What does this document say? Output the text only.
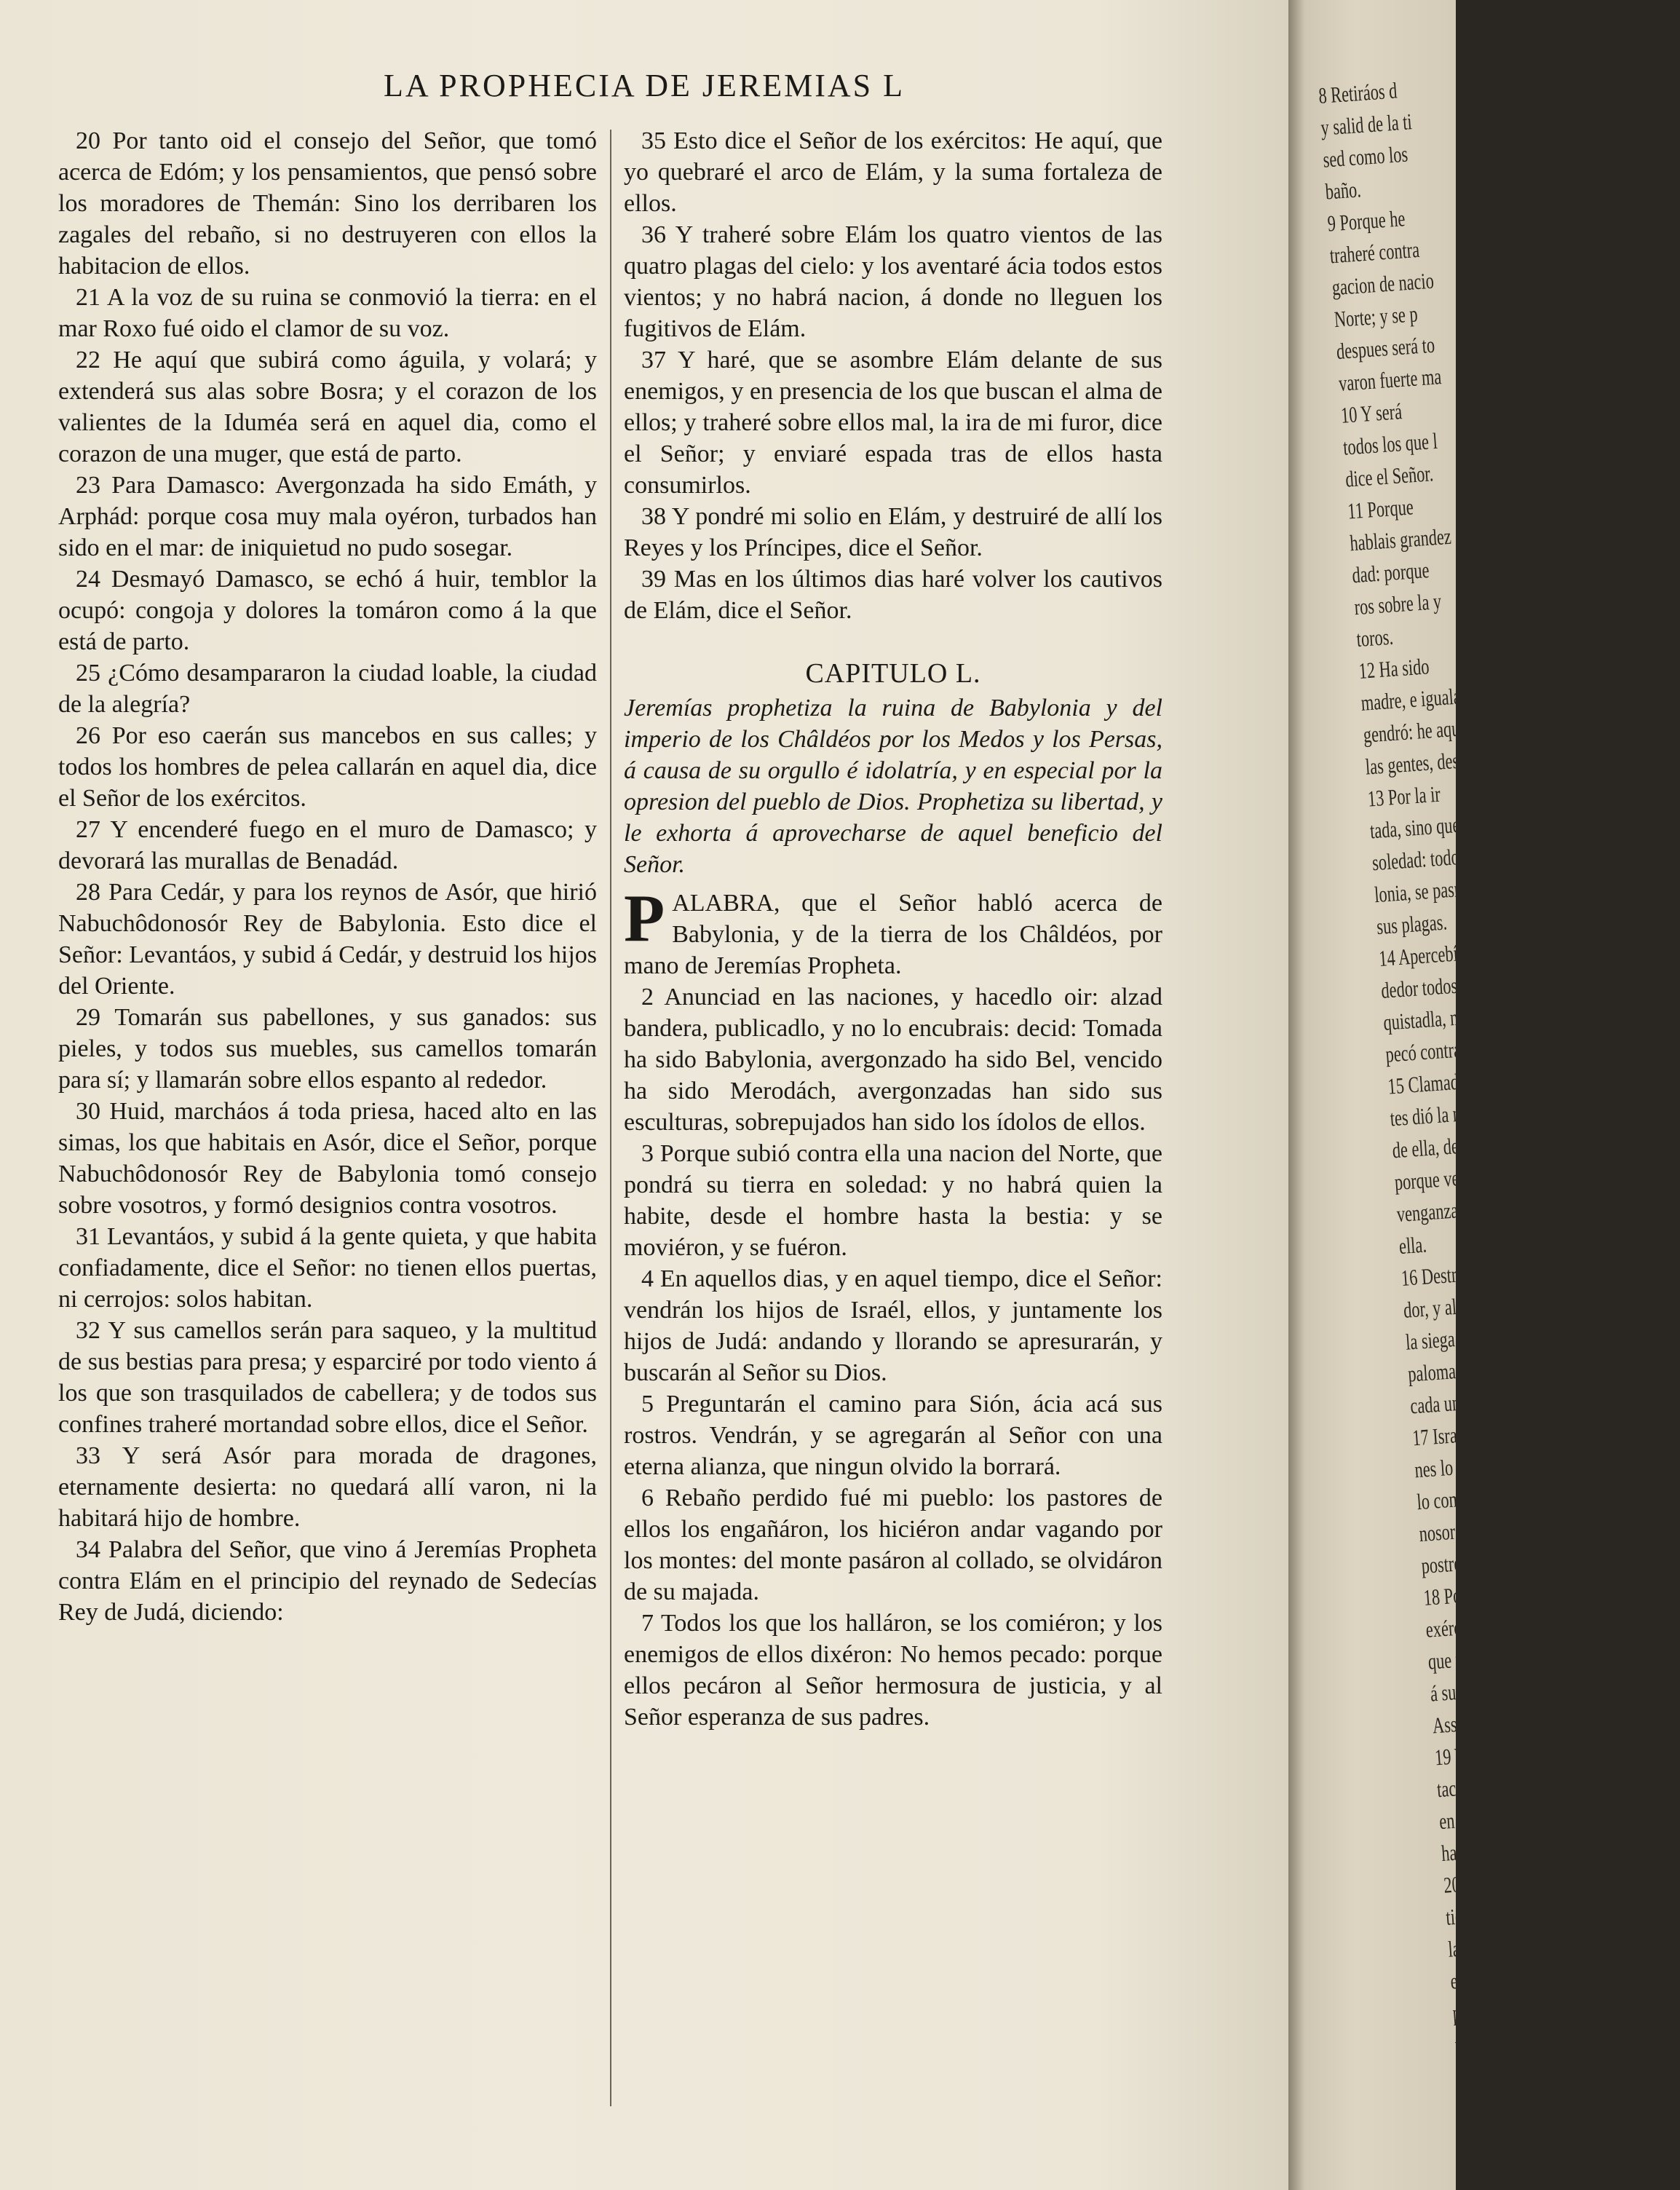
LA PROPHECIA DE JEREMIAS L

20 Por tanto oid el consejo del Señor, que tomó acerca de Edóm; y los pensamientos, que pensó sobre los moradores de Themán: Sino los derribaren los zagales del rebaño, si no destruyeren con ellos la habitacion de ellos.

21 A la voz de su ruina se conmovió la tierra: en el mar Roxo fué oido el clamor de su voz.

22 He aquí que subirá como águila, y volará; y extenderá sus alas sobre Bosra; y el corazon de los valientes de la Iduméa será en aquel dia, como el corazon de una muger, que está de parto.

23 Para Damasco: Avergonzada ha sido Emáth, y Arphád: porque cosa muy mala oyéron, turbados han sido en el mar: de iniquietud no pudo sosegar.

24 Desmayó Damasco, se echó á huir, temblor la ocupó: congoja y dolores la tomáron como á la que está de parto.

25 ¿Cómo desampararon la ciudad loable, la ciudad de la alegría?

26 Por eso caerán sus mancebos en sus calles; y todos los hombres de pelea callarán en aquel dia, dice el Señor de los exércitos.

27 Y encenderé fuego en el muro de Damasco; y devorará las murallas de Benadád.

28 Para Cedár, y para los reynos de Asór, que hirió Nabuchôdonosór Rey de Babylonia. Esto dice el Señor: Levantáos, y subid á Cedár, y destruid los hijos del Oriente.

29 Tomarán sus pabellones, y sus ganados: sus pieles, y todos sus muebles, sus camellos tomarán para sí; y llamarán sobre ellos espanto al rededor.

30 Huid, marcháos á toda priesa, haced alto en las simas, los que habitais en Asór, dice el Señor, porque Nabuchôdonosór Rey de Babylonia tomó consejo sobre vosotros, y formó designios contra vosotros.

31 Levantáos, y subid á la gente quieta, y que habita confiadamente, dice el Señor: no tienen ellos puertas, ni cerrojos: solos habitan.

32 Y sus camellos serán para saqueo, y la multitud de sus bestias para presa; y esparciré por todo viento á los que son trasquilados de cabellera; y de todos sus confines traheré mortandad sobre ellos, dice el Señor.

33 Y será Asór para morada de dragones, eternamente desierta: no quedará allí varon, ni la habitará hijo de hombre.

34 Palabra del Señor, que vino á Jeremías Propheta contra Elám en el principio del reynado de Sedecías Rey de Judá, diciendo:

35 Esto dice el Señor de los exércitos: He aquí, que yo quebraré el arco de Elám, y la suma fortaleza de ellos.

36 Y traheré sobre Elám los quatro vientos de las quatro plagas del cielo: y los aventaré ácia todos estos vientos; y no habrá nacion, á donde no lleguen los fugitivos de Elám.

37 Y haré, que se asombre Elám delante de sus enemigos, y en presencia de los que buscan el alma de ellos; y traheré sobre ellos mal, la ira de mi furor, dice el Señor; y enviaré espada tras de ellos hasta consumirlos.

38 Y pondré mi solio en Elám, y destruiré de allí los Reyes y los Príncipes, dice el Señor.

39 Mas en los últimos dias haré volver los cautivos de Elám, dice el Señor.

CAPITULO L.

Jeremías prophetiza la ruina de Babylonia y del imperio de los Châldéos por los Medos y los Persas, á causa de su orgullo é idolatría, y en especial por la opresion del pueblo de Dios. Prophetiza su libertad, y le exhorta á aprovecharse de aquel beneficio del Señor.

PALABRA, que el Señor habló acerca de Babylonia, y de la tierra de los Châldéos, por mano de Jeremías Propheta.

2 Anunciad en las naciones, y hacedlo oir: alzad bandera, publicadlo, y no lo encubrais: decid: Tomada ha sido Babylonia, avergonzado ha sido Bel, vencido ha sido Merodách, avergonzadas han sido sus esculturas, sobrepujados han sido los ídolos de ellos.

3 Porque subió contra ella una nacion del Norte, que pondrá su tierra en soledad: y no habrá quien la habite, desde el hombre hasta la bestia: y se moviéron, y se fuéron.

4 En aquellos dias, y en aquel tiempo, dice el Señor: vendrán los hijos de Israél, ellos, y juntamente los hijos de Judá: andando y llorando se apresurarán, y buscarán al Señor su Dios.

5 Preguntarán el camino para Sión, ácia acá sus rostros. Vendrán, y se agregarán al Señor con una eterna alianza, que ningun olvido la borrará.

6 Rebaño perdido fué mi pueblo: los pastores de ellos los engañáron, los hiciéron andar vagando por los montes: del monte pasáron al collado, se olvidáron de su majada.

7 Todos los que los halláron, se los comiéron; y los enemigos de ellos dixéron: No hemos pecado: porque ellos pecáron al Señor hermosura de justicia, y al Señor esperanza de sus padres.

8 Retiráos d
y salid de la ti
sed como los
baño.
9 Porque he
traheré contra
gacion de nacio
Norte; y se p
despues será to
varon fuerte ma
10 Y será
todos los que l
dice el Señor.
11 Porque
hablais grandez
dad: porque
ros sobre la y
toros.
12 Ha sido
madre, e iguala
gendró: he aqu
las gentes, desie
13 Por la ir
tada, sino que
soledad: todo
lonia, se pasma
sus plagas.
14 Apercebío
dedor todos los
quistadla, no ah
pecó contra el S
15 Clamad c
tes dió la man
de ella, destrui
porque vengan
venganza de e
ella.
16 Destruid
dor, y al que ti
la siega: huye
paloma cada un
cada uno huirá
17 Israél reb
nes lo echáron
lo comió el p
nosor, Rey de
postrero.
18 Por tanto
exércitos, el D
que yo visitaré
á su tierra, así
Assúr:
19 Y haré
tacion; y pacer
en el monte de
hartará su alma
20 En aqu
tiempo, dice e
la maldad de
el pecado de J
porque seré p
reservado.
21 Sube á la
nan, y visita
